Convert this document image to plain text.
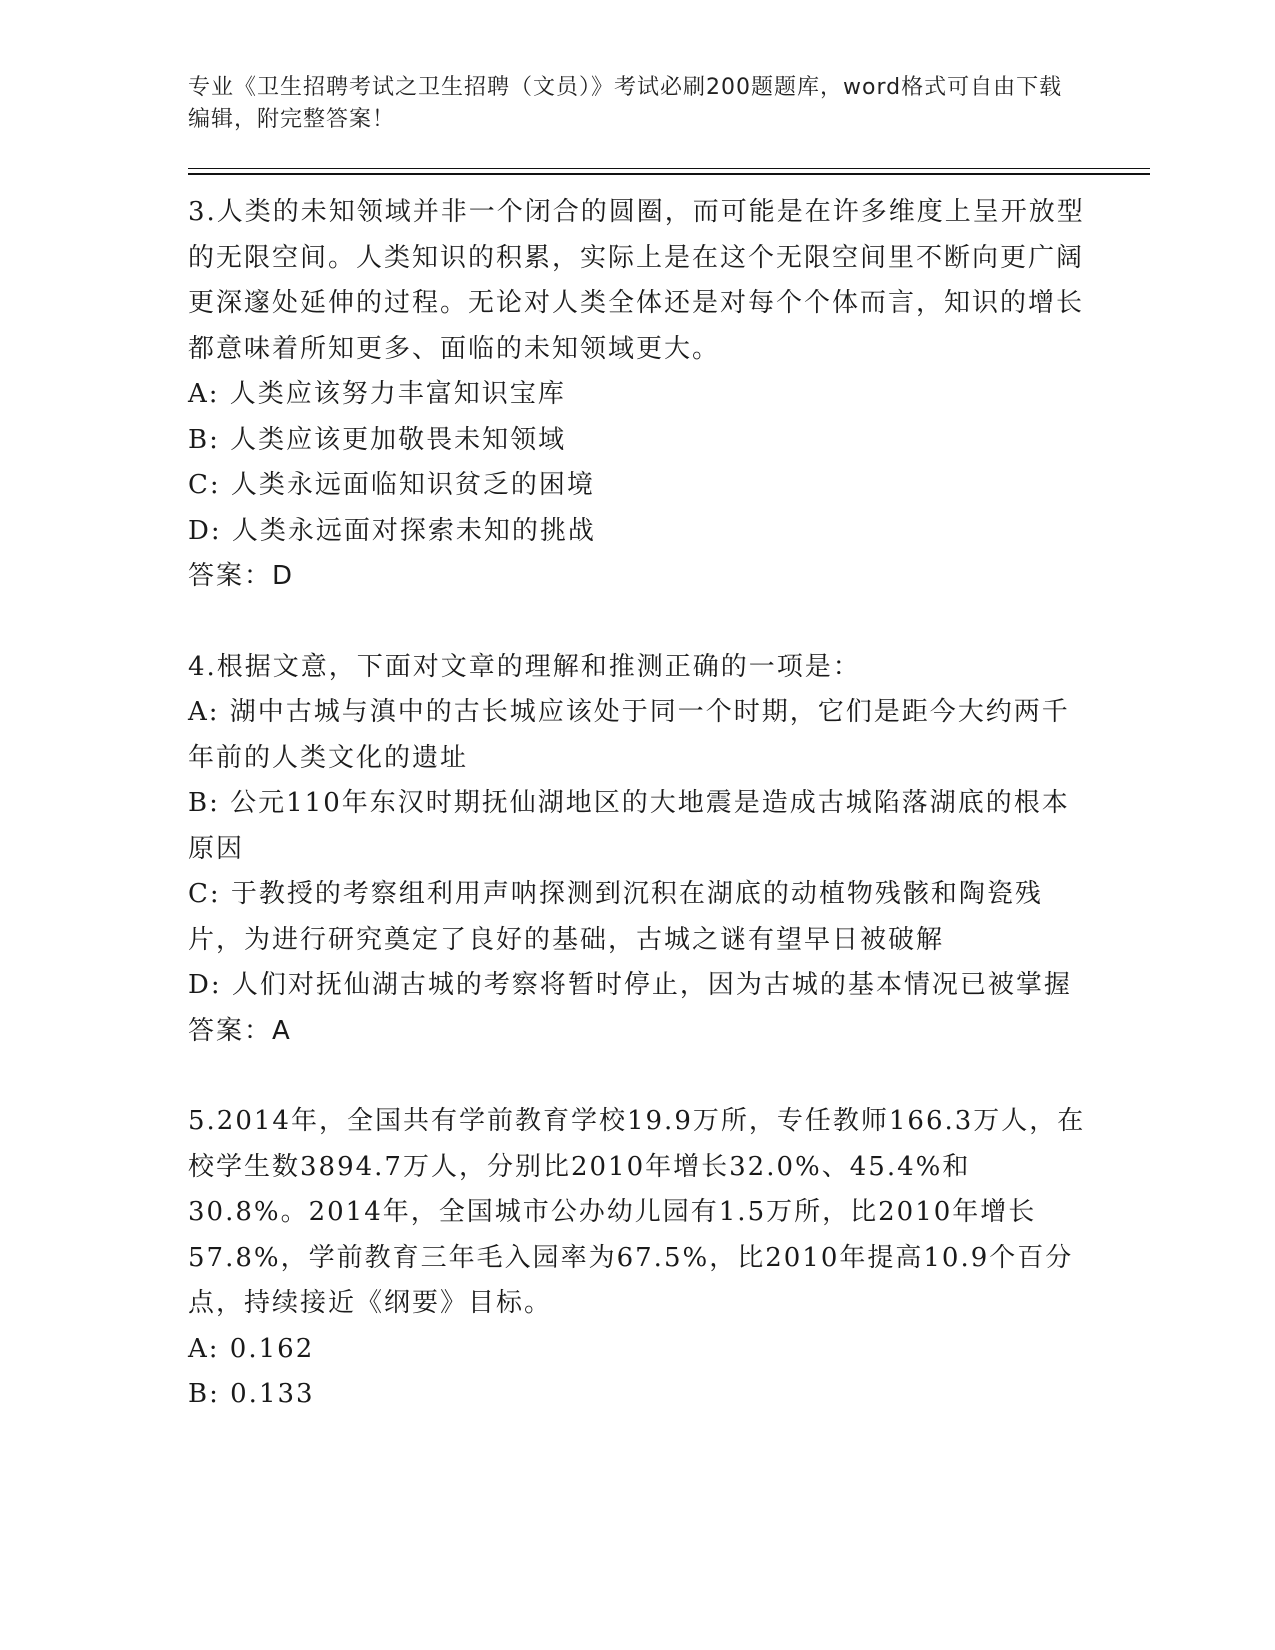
专业《卫生招聘考试之卫生招聘（文员）》考试必刷200题题库，word格式可自由下载编辑，附完整答案！

3.人类的未知领域并非一个闭合的圆圈，而可能是在许多维度上呈开放型的无限空间。人类知识的积累，实际上是在这个无限空间里不断向更广阔更深邃处延伸的过程。无论对人类全体还是对每个个体而言，知识的增长都意味着所知更多、面临的未知领域更大。

A: 人类应该努力丰富知识宝库

B: 人类应该更加敬畏未知领域

C: 人类永远面临知识贫乏的困境

D: 人类永远面对探索未知的挑战

答案：D

4.根据文意，下面对文章的理解和推测正确的一项是：

A: 湖中古城与滇中的古长城应该处于同一个时期，它们是距今大约两千年前的人类文化的遗址

B: 公元110年东汉时期抚仙湖地区的大地震是造成古城陷落湖底的根本原因

C: 于教授的考察组利用声呐探测到沉积在湖底的动植物残骸和陶瓷残片，为进行研究奠定了良好的基础，古城之谜有望早日被破解

D: 人们对抚仙湖古城的考察将暂时停止，因为古城的基本情况已被掌握

答案：A

5.2014年，全国共有学前教育学校19.9万所，专任教师166.3万人，在校学生数3894.7万人，分别比2010年增长32.0%、45.4%和30.8%。2014年，全国城市公办幼儿园有1.5万所，比2010年增长57.8%，学前教育三年毛入园率为67.5%，比2010年提高10.9个百分点，持续接近《纲要》目标。

A: 0.162

B: 0.133
